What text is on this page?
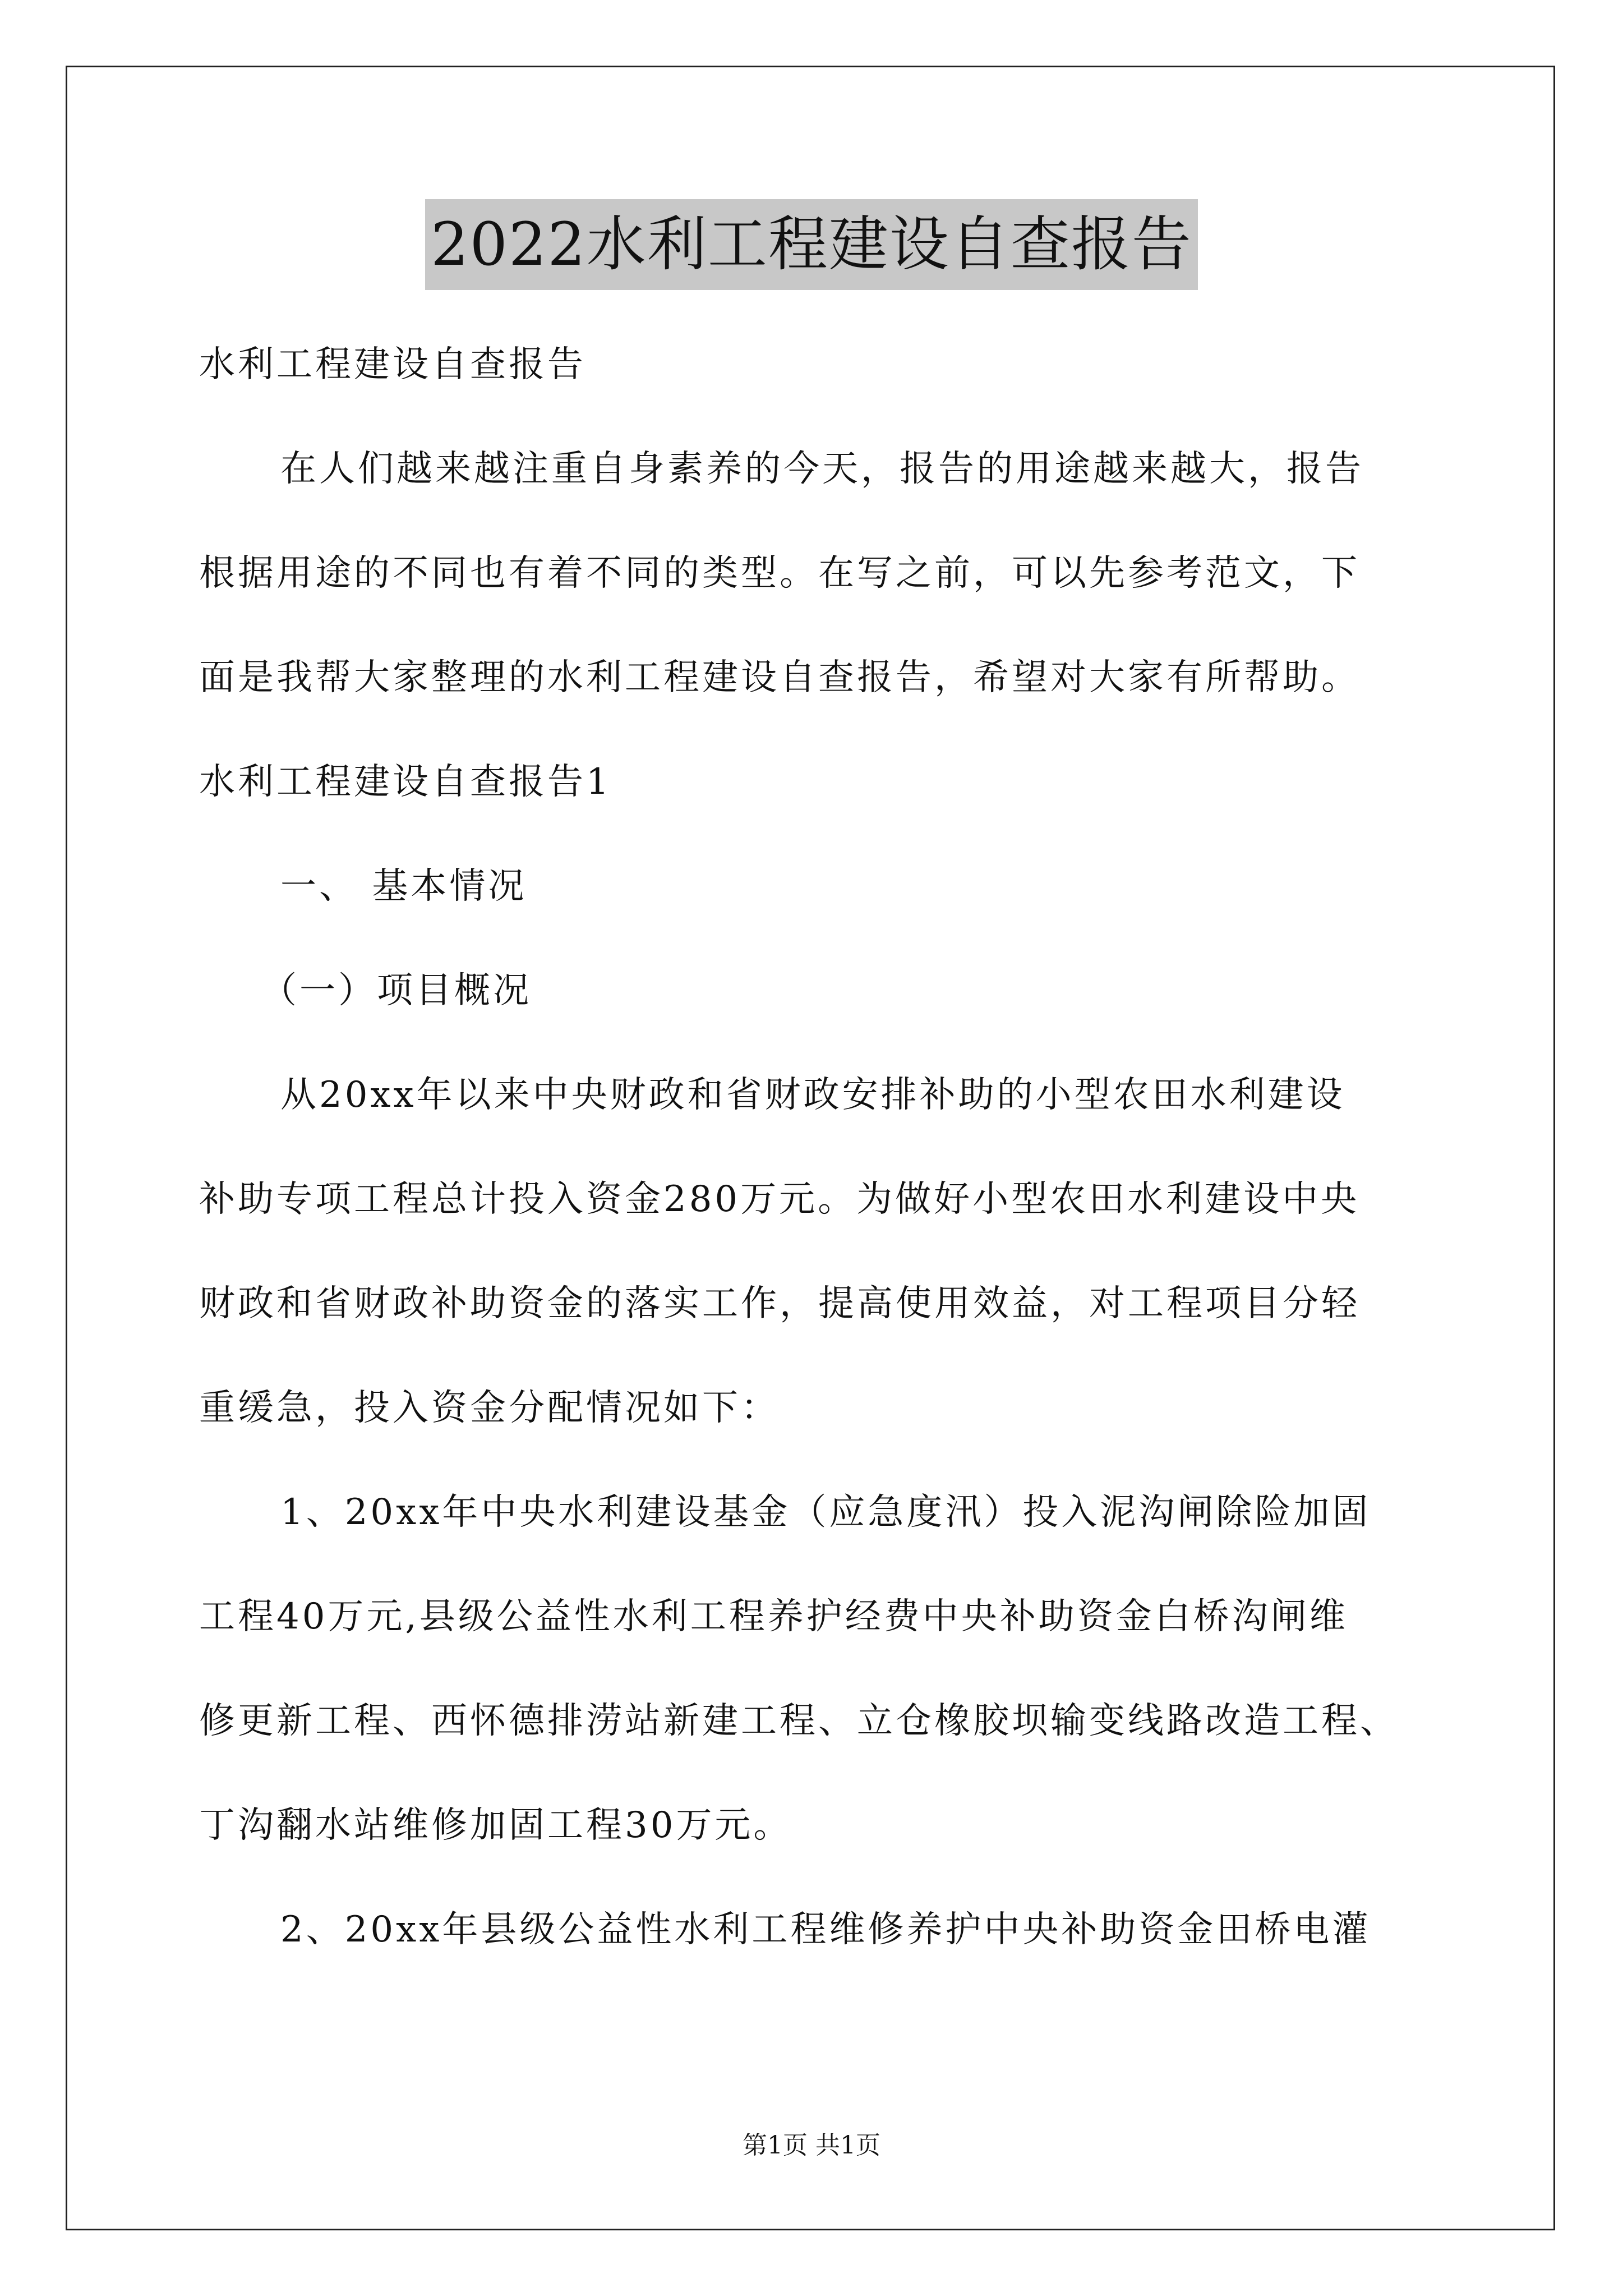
2022水利工程建设自查报告
水利工程建设自查报告
在人们越来越注重自身素养的今天，报告的用途越来越大，报告
根据用途的不同也有着不同的类型。在写之前，可以先参考范文，下
面是我帮大家整理的水利工程建设自查报告，希望对大家有所帮助。
水利工程建设自查报告1
一、 基本情况
（一）项目概况
从20xx年以来中央财政和省财政安排补助的小型农田水利建设
补助专项工程总计投入资金280万元。为做好小型农田水利建设中央
财政和省财政补助资金的落实工作，提高使用效益，对工程项目分轻
重缓急，投入资金分配情况如下：
1、20xx年中央水利建设基金（应急度汛）投入泥沟闸除险加固
工程40万元,县级公益性水利工程养护经费中央补助资金白桥沟闸维
修更新工程、西怀德排涝站新建工程、立仓橡胶坝输变线路改造工程、
丁沟翻水站维修加固工程30万元。
2、20xx年县级公益性水利工程维修养护中央补助资金田桥电灌
第1页 共1页
